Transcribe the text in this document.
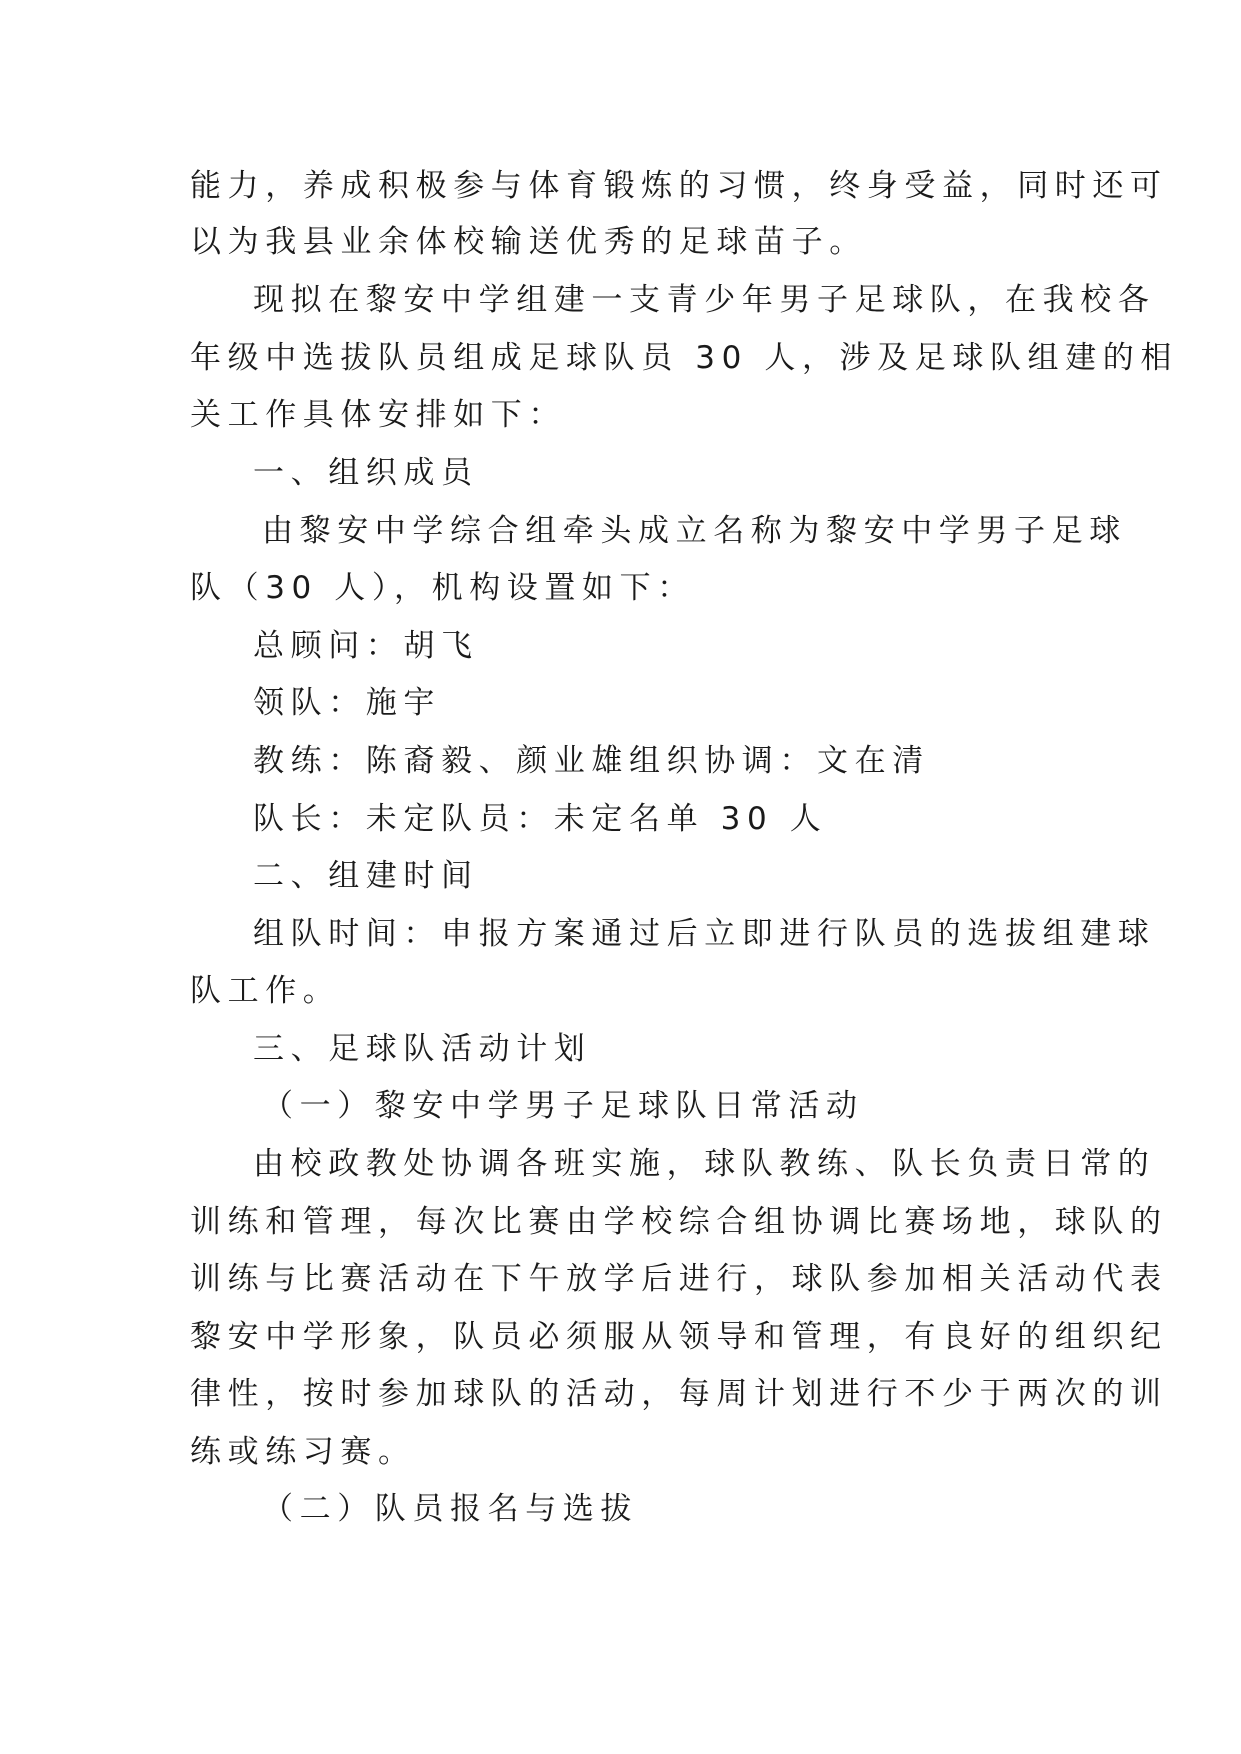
能力，养成积极参与体育锻炼的习惯，终身受益，同时还可
以为我县业余体校输送优秀的足球苗子。
现拟在黎安中学组建一支青少年男子足球队，在我校各
年级中选拔队员组成足球队员 30 人，涉及足球队组建的相
关工作具体安排如下：
一、组织成员
由黎安中学综合组牵头成立名称为黎安中学男子足球
队（30 人），机构设置如下：
总顾问：胡飞
领队：施宇
教练：陈裔毅、颜业雄组织协调：文在清
队长：未定队员：未定名单 30 人
二、组建时间
组队时间：申报方案通过后立即进行队员的选拔组建球
队工作。
三、足球队活动计划
（一）黎安中学男子足球队日常活动
由校政教处协调各班实施，球队教练、队长负责日常的
训练和管理，每次比赛由学校综合组协调比赛场地，球队的
训练与比赛活动在下午放学后进行，球队参加相关活动代表
黎安中学形象，队员必须服从领导和管理，有良好的组织纪
律性，按时参加球队的活动，每周计划进行不少于两次的训
练或练习赛。
（二）队员报名与选拔
